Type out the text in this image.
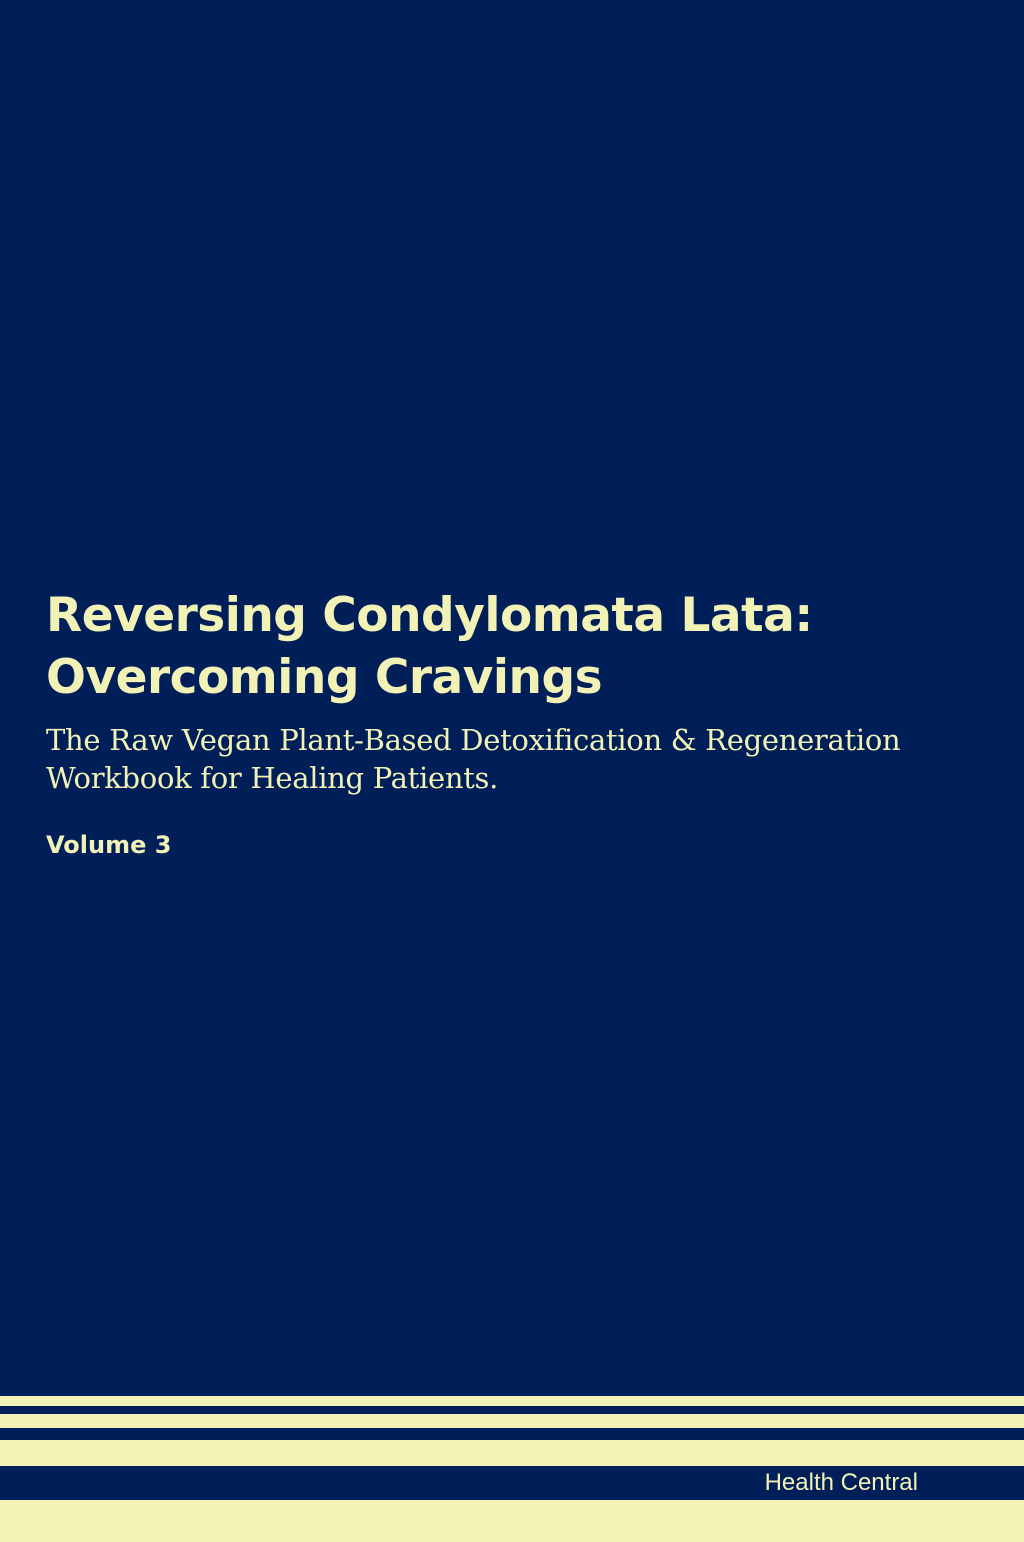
Reversing Condylomata Lata:
Overcoming Cravings

The Raw Vegan Plant-Based Detoxification & Regeneration

Workbook for Healing Patients.

Volume 3
Health Central
